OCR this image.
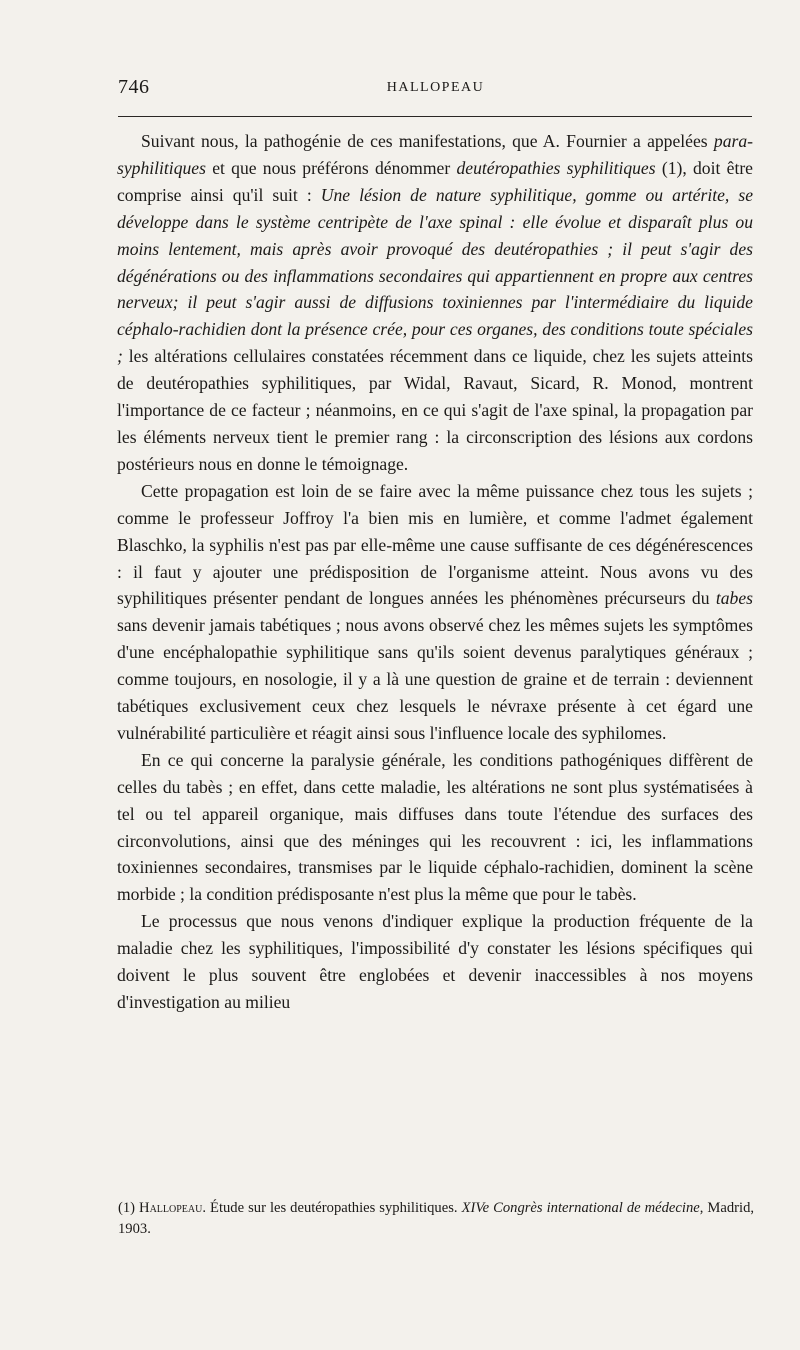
746	HALLOPEAU

Suivant nous, la pathogénie de ces manifestations, que A. Fournier a appelées para-syphilitiques et que nous préférons dénommer deutéropathies syphilitiques (1), doit être comprise ainsi qu'il suit : Une lésion de nature syphilitique, gomme ou artérite, se développe dans le système centripète de l'axe spinal : elle évolue et disparaît plus ou moins lentement, mais après avoir provoqué des deutéropathies ; il peut s'agir des dégénérations ou des inflammations secondaires qui appartiennent en propre aux centres nerveux; il peut s'agir aussi de diffusions toxiniennes par l'intermédiaire du liquide céphalo-rachidien dont la présence crée, pour ces organes, des conditions toute spéciales ; les altérations cellulaires constatées récemment dans ce liquide, chez les sujets atteints de deutéropathies syphilitiques, par Widal, Ravaut, Sicard, R. Monod, montrent l'importance de ce facteur ; néanmoins, en ce qui s'agit de l'axe spinal, la propagation par les éléments nerveux tient le premier rang : la circonscription des lésions aux cordons postérieurs nous en donne le témoignage.

Cette propagation est loin de se faire avec la même puissance chez tous les sujets ; comme le professeur Joffroy l'a bien mis en lumière, et comme l'admet également Blaschko, la syphilis n'est pas par elle-même une cause suffisante de ces dégénérescences : il faut y ajouter une prédisposition de l'organisme atteint. Nous avons vu des syphilitiques présenter pendant de longues années les phénomènes précurseurs du tabes sans devenir jamais tabétiques ; nous avons observé chez les mêmes sujets les symptômes d'une encéphalopathie syphilitique sans qu'ils soient devenus paralytiques généraux ; comme toujours, en nosologie, il y a là une question de graine et de terrain : deviennent tabétiques exclusivement ceux chez lesquels le névraxe présente à cet égard une vulnérabilité particulière et réagit ainsi sous l'influence locale des syphilomes.

En ce qui concerne la paralysie générale, les conditions pathogéniques diffèrent de celles du tabès ; en effet, dans cette maladie, les altérations ne sont plus systématisées à tel ou tel appareil organique, mais diffuses dans toute l'étendue des surfaces des circonvolutions, ainsi que des méninges qui les recouvrent : ici, les inflammations toxiniennes secondaires, transmises par le liquide céphalo-rachidien, dominent la scène morbide ; la condition prédisposante n'est plus la même que pour le tabès.

Le processus que nous venons d'indiquer explique la production fréquente de la maladie chez les syphilitiques, l'impossibilité d'y constater les lésions spécifiques qui doivent le plus souvent être englobées et devenir inaccessibles à nos moyens d'investigation au milieu

(1) Hallopeau. Étude sur les deutéropathies syphilitiques. XIVe Congrès international de médecine, Madrid, 1903.
